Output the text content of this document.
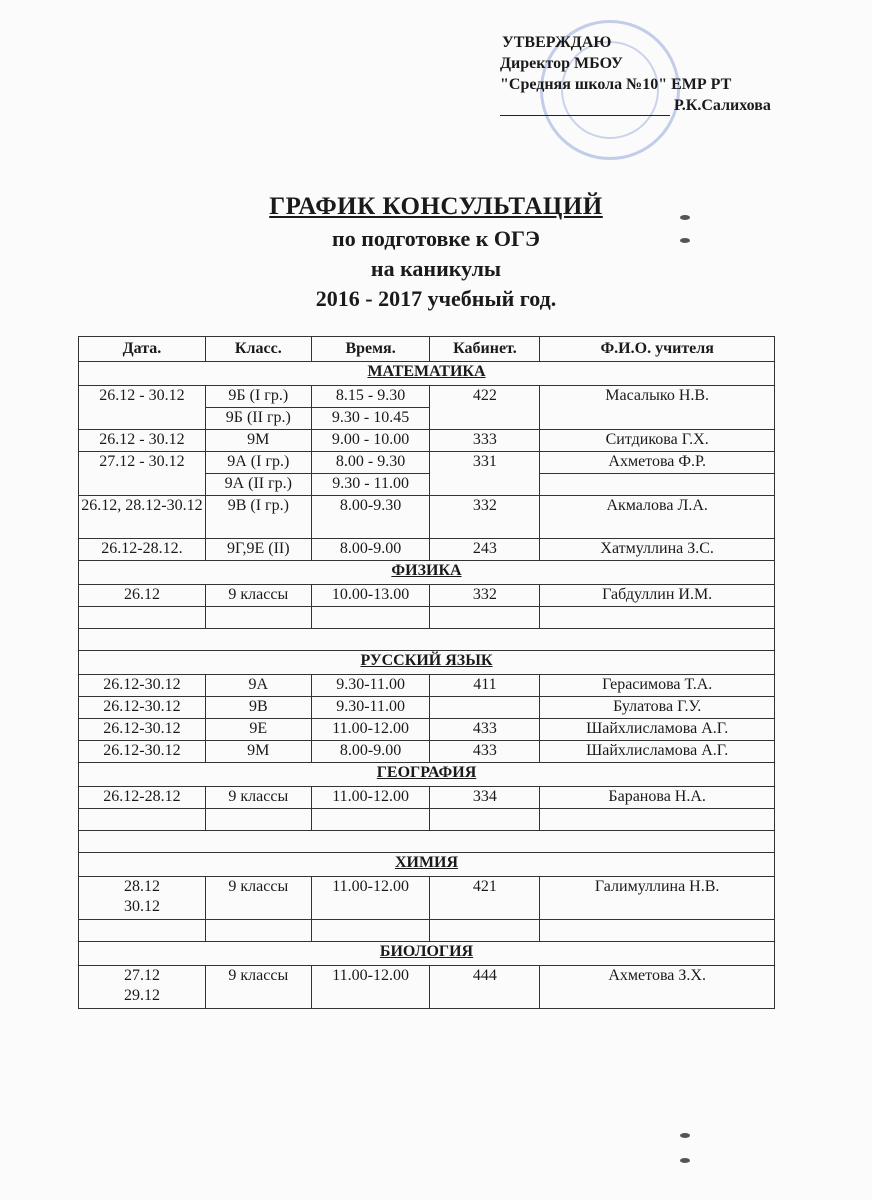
УТВЕРЖДАЮ
Директор МБОУ
"Средняя школа №10" ЕМР РТ
Р.К.Салихова
ГРАФИК КОНСУЛЬТАЦИЙ
по подготовке к ОГЭ
на каникулы
2016 - 2017 учебный год.
Дата.	Класс.	Время.	Кабинет.	Ф.И.О. учителя
МАТЕМАТИКА				
26.12 - 30.12	9Б (I гр.)	8.15 - 9.30	422	Масалыко Н.В.
	9Б (II гр.)	9.30 - 10.45		
26.12 - 30.12	9М	9.00 - 10.00	333	Ситдикова Г.Х.
27.12 - 30.12	9А (I гр.)	8.00 - 9.30	331	Ахметова Ф.Р.
	9А (II гр.)	9.30 - 11.00		
26.12, 28.12-30.12	9В (I гр.)	8.00-9.30	332	Акмалова Л.А.
26.12-28.12.	9Г,9Е (II)	8.00-9.00	243	Хатмуллина З.С.
ФИЗИКА				
26.12	9 классы	10.00-13.00	332	Габдуллин И.М.

РУССКИЙ ЯЗЫК				
26.12-30.12	9А	9.30-11.00	411	Герасимова Т.А.
26.12-30.12	9В	9.30-11.00		Булатова Г.У.
26.12-30.12	9Е	11.00-12.00	433	Шайхлисламова А.Г.
26.12-30.12	9М	8.00-9.00	433	Шайхлисламова А.Г.
ГЕОГРАФИЯ				
26.12-28.12	9 классы	11.00-12.00	334	Баранова Н.А.

ХИМИЯ				
28.12 30.12	9 классы	11.00-12.00	421	Галимуллина Н.В.

БИОЛОГИЯ				
27.12 29.12	9 классы	11.00-12.00	444	Ахметова З.Х.
